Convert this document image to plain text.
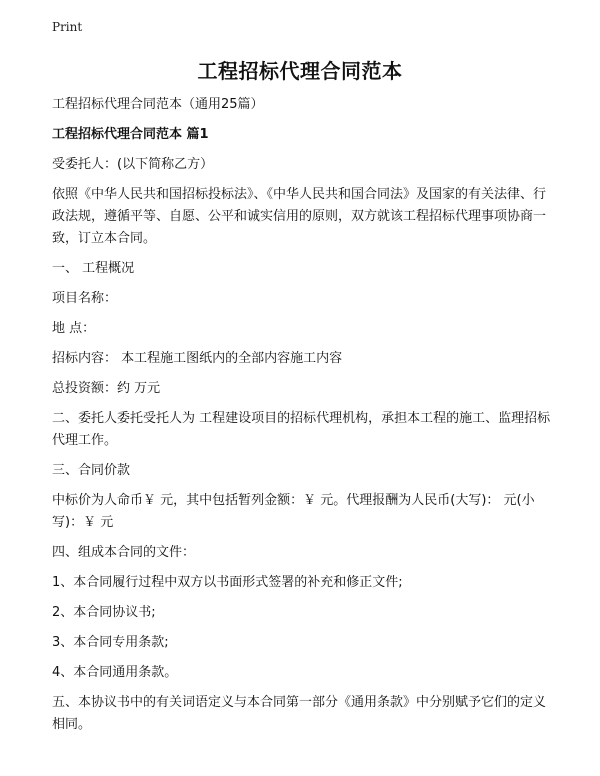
Print
工程招标代理合同范本

工程招标代理合同范本（通用25篇）

工程招标代理合同范本 篇1

受委托人：(以下简称乙方）

依照《中华人民共和国招标投标法》、《中华人民共和国合同法》及国家的有关法律、行政法规，遵循平等、自愿、公平和诚实信用的原则，双方就该工程招标代理事项协商一致，订立本合同。

一、 工程概况

项目名称：

地 点：

招标内容： 本工程施工图纸内的全部内容施工内容

总投资额：约 万元

二、委托人委托受托人为 工程建设项目的招标代理机构，承担本工程的施工、监理招标代理工作。

三、合同价款

中标价为人命币￥ 元，其中包括暂列金额：￥ 元。代理报酬为人民币(大写)： 元(小写)：￥ 元

四、组成本合同的文件：

1、本合同履行过程中双方以书面形式签署的补充和修正文件;

2、本合同协议书;

3、本合同专用条款;

4、本合同通用条款。

五、本协议书中的有关词语定义与本合同第一部分《通用条款》中分别赋予它们的定义相同。
